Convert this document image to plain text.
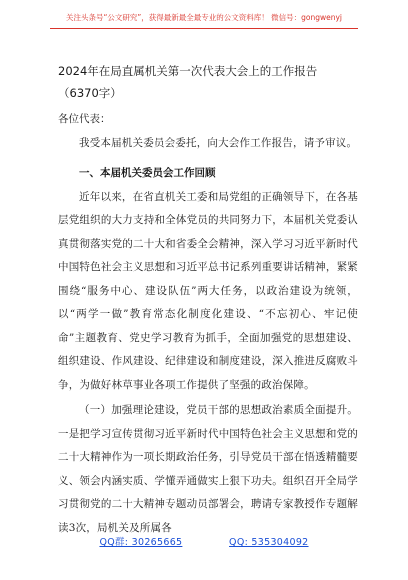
关注头条号“公文研究”，获得最新最全最专业的公文资料库！ 微信号：gongwenyj
2024年在局直属机关第一次代表大会上的工作报告（6370字）
各位代表：

我受本届机关委员会委托，向大会作工作报告，请予审议。

一、本届机关委员会工作回顾

近年以来，在省直机关工委和局党组的正确领导下，在各基层党组织的大力支持和全体党员的共同努力下，本届机关党委认真贯彻落实党的二十大和省委全会精神，深入学习习近平新时代中国特色社会主义思想和习近平总书记系列重要讲话精神，紧紧围绕“服务中心、建设队伍”两大任务，以政治建设为统领，以“两学一做”教育常态化制度化建设、“不忘初心、牢记使命”主题教育、党史学习教育为抓手，全面加强党的思想建设、组织建设、作风建设、纪律建设和制度建设，深入推进反腐败斗争，为做好林草事业各项工作提供了坚强的政治保障。

（一）加强理论建设，党员干部的思想政治素质全面提升。一是把学习宣传贯彻习近平新时代中国特色社会主义思想和党的二十大精神作为一项长期政治任务，引导党员干部在悟透精髓要义、领会内涵实质、学懂弄通做实上狠下功夫。组织召开全局学习贯彻党的二十大精神专题动员部署会，聘请专家教授作专题解读3次，局机关及所属各

QQ群: 30265665	QQ: 535304092
